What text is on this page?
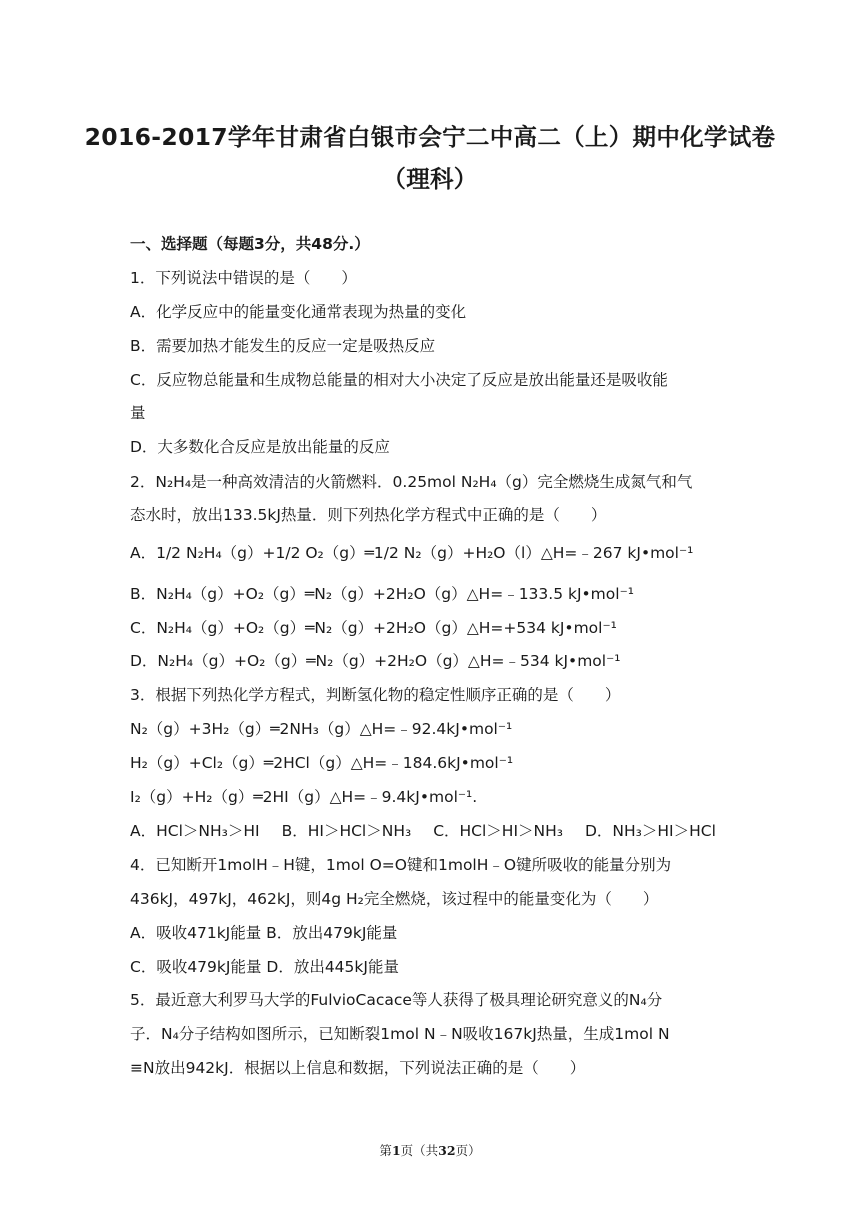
2016-2017学年甘肃省白银市会宁二中高二（上）期中化学试卷
（理科）
一、选择题（每题3分，共48分.）
1．下列说法中错误的是（　　）
A．化学反应中的能量变化通常表现为热量的变化
B．需要加热才能发生的反应一定是吸热反应
C．反应物总能量和生成物总能量的相对大小决定了反应是放出能量还是吸收能
量
D．大多数化合反应是放出能量的反应
2．N₂H₄是一种高效清洁的火箭燃料．0.25mol N₂H₄（g）完全燃烧生成氮气和气
态水时，放出133.5kJ热量．则下列热化学方程式中正确的是（　　）
A．1/2 N₂H₄（g）+1/2 O₂（g）═1/2 N₂（g）+H₂O（l）△H=﹣267 kJ•mol⁻¹
B．N₂H₄（g）+O₂（g）═N₂（g）+2H₂O（g）△H=﹣133.5 kJ•mol⁻¹
C．N₂H₄（g）+O₂（g）═N₂（g）+2H₂O（g）△H=+534 kJ•mol⁻¹
D．N₂H₄（g）+O₂（g）═N₂（g）+2H₂O（g）△H=﹣534 kJ•mol⁻¹
3．根据下列热化学方程式，判断氢化物的稳定性顺序正确的是（　　）
N₂（g）+3H₂（g）═2NH₃（g）△H=﹣92.4kJ•mol⁻¹
H₂（g）+Cl₂（g）═2HCl（g）△H=﹣184.6kJ•mol⁻¹
I₂（g）+H₂（g）═2HI（g）△H=﹣9.4kJ•mol⁻¹.
A．HCl＞NH₃＞HI B．HI＞HCl＞NH₃ C．HCl＞HI＞NH₃ D．NH₃＞HI＞HCl
4．已知断开1molH﹣H键，1mol O=O键和1molH﹣O键所吸收的能量分别为
436kJ，497kJ，462kJ，则4g H₂完全燃烧，该过程中的能量变化为（　　）
A．吸收471kJ能量 B．放出479kJ能量
C．吸收479kJ能量 D．放出445kJ能量
5．最近意大利罗马大学的FulvioCacace等人获得了极具理论研究意义的N₄分
子．N₄分子结构如图所示，已知断裂1mol N﹣N吸收167kJ热量，生成1mol N
≡N放出942kJ．根据以上信息和数据，下列说法正确的是（　　）
第1页（共32页）
